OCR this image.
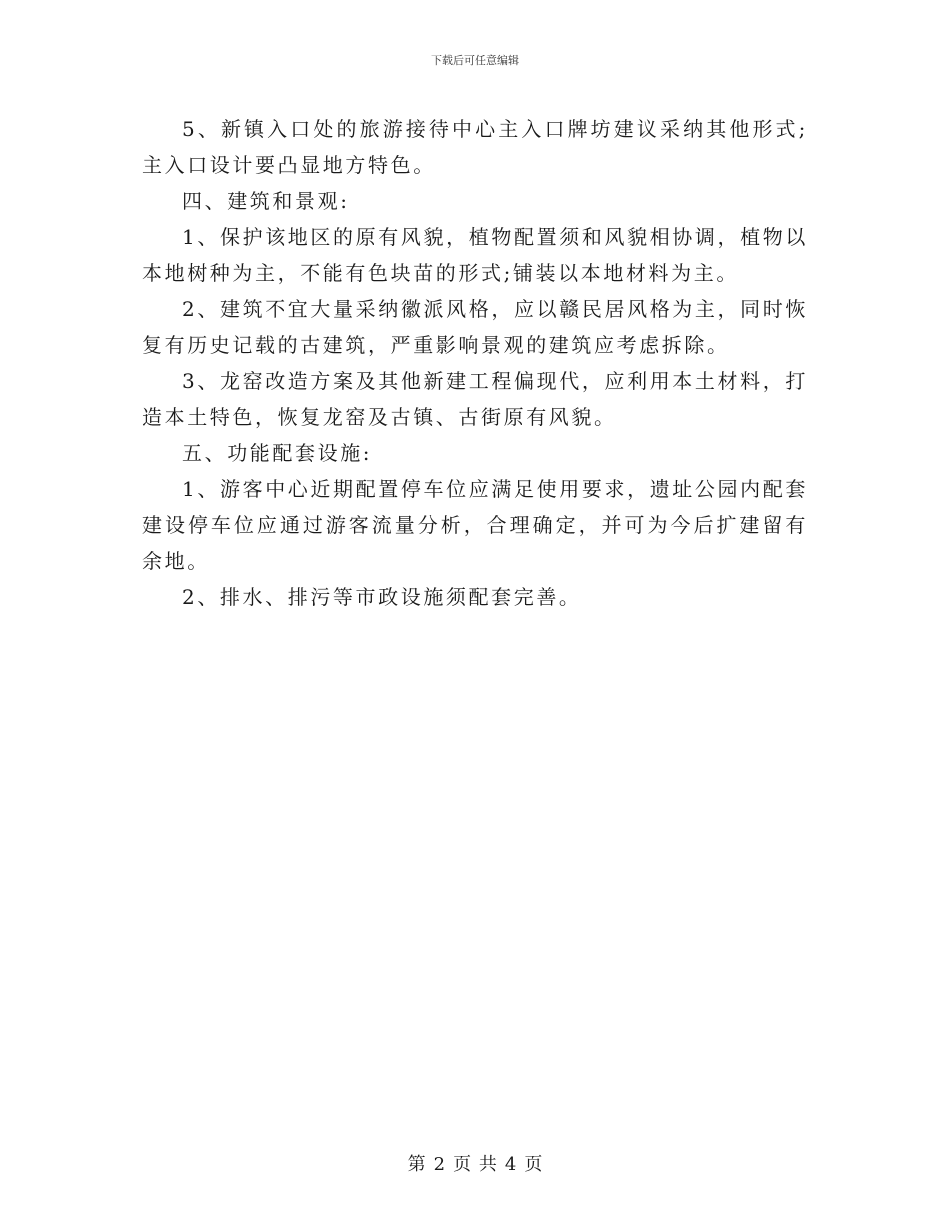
下载后可任意编辑

5、新镇入口处的旅游接待中心主入口牌坊建议采纳其他形式;主入口设计要凸显地方特色。

四、建筑和景观:

1、保护该地区的原有风貌，植物配置须和风貌相协调，植物以本地树种为主，不能有色块苗的形式;铺装以本地材料为主。

2、建筑不宜大量采纳徽派风格，应以赣民居风格为主，同时恢复有历史记载的古建筑，严重影响景观的建筑应考虑拆除。

3、龙窑改造方案及其他新建工程偏现代，应利用本土材料，打造本土特色，恢复龙窑及古镇、古街原有风貌。

五、功能配套设施:

1、游客中心近期配置停车位应满足使用要求，遗址公园内配套建设停车位应通过游客流量分析，合理确定，并可为今后扩建留有余地。

2、排水、排污等市政设施须配套完善。

第 2 页 共 4 页
